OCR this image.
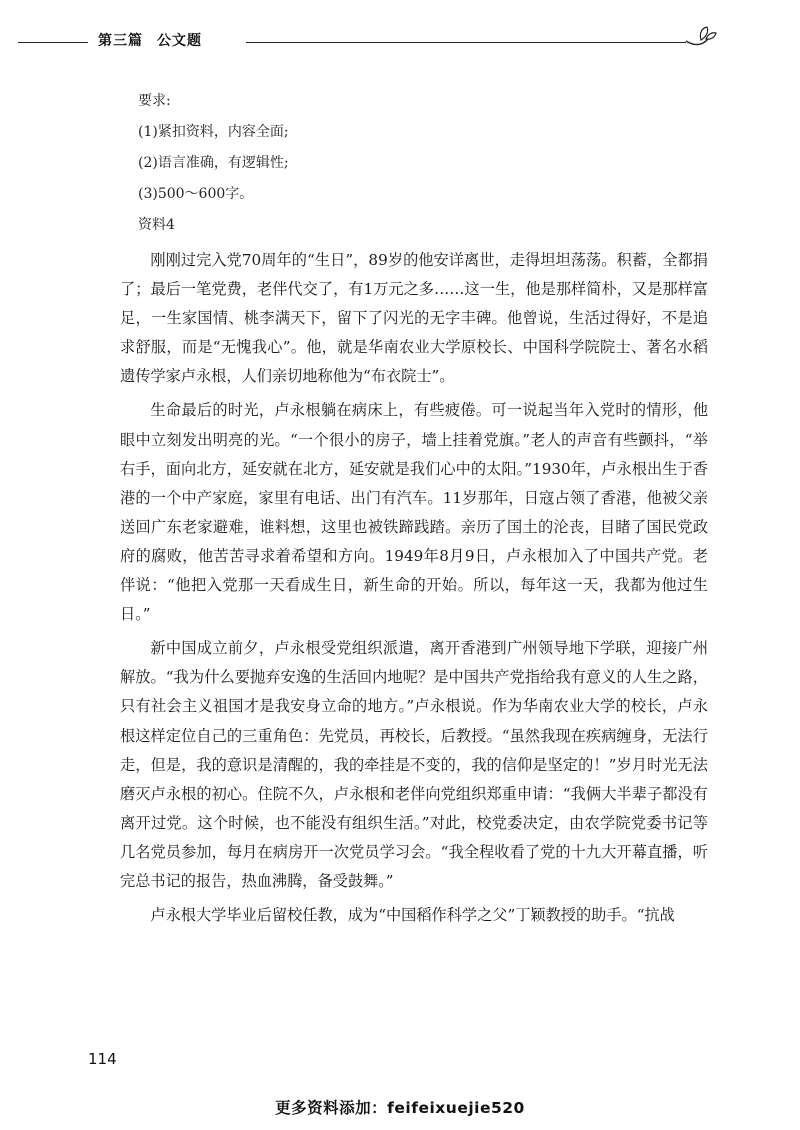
第三篇 公文题
要求:
(1)紧扣资料，内容全面;
(2)语言准确，有逻辑性;
(3)500～600字。
资料4

刚刚过完入党70周年的“生日”，89岁的他安详离世，走得坦坦荡荡。积蓄，全都捐了；最后一笔党费，老伴代交了，有1万元之多……这一生，他是那样简朴，又是那样富足，一生家国情、桃李满天下，留下了闪光的无字丰碑。他曾说，生活过得好，不是追求舒服，而是“无愧我心”。他，就是华南农业大学原校长、中国科学院院士、著名水稻遗传学家卢永根，人们亲切地称他为“布衣院士”。

生命最后的时光，卢永根躺在病床上，有些疲倦。可一说起当年入党时的情形，他眼中立刻发出明亮的光。“一个很小的房子，墙上挂着党旗。”老人的声音有些颤抖，“举右手，面向北方，延安就在北方，延安就是我们心中的太阳。”1930年，卢永根出生于香港的一个中产家庭，家里有电话、出门有汽车。11岁那年，日寇占领了香港，他被父亲送回广东老家避难，谁料想，这里也被铁蹄践踏。亲历了国土的沦丧，目睹了国民党政府的腐败，他苦苦寻求着希望和方向。1949年8月9日，卢永根加入了中国共产党。老伴说：“他把入党那一天看成生日，新生命的开始。所以，每年这一天，我都为他过生日。”

新中国成立前夕，卢永根受党组织派遣，离开香港到广州领导地下学联，迎接广州解放。“我为什么要抛弃安逸的生活回内地呢？是中国共产党指给我有意义的人生之路，只有社会主义祖国才是我安身立命的地方。”卢永根说。作为华南农业大学的校长，卢永根这样定位自己的三重角色：先党员，再校长，后教授。“虽然我现在疾病缠身，无法行走，但是，我的意识是清醒的，我的牵挂是不变的，我的信仰是坚定的！”岁月时光无法磨灭卢永根的初心。住院不久，卢永根和老伴向党组织郑重申请：“我俩大半辈子都没有离开过党。这个时候，也不能没有组织生活。”对此，校党委决定，由农学院党委书记等几名党员参加，每月在病房开一次党员学习会。“我全程收看了党的十九大开幕直播，听完总书记的报告，热血沸腾，备受鼓舞。”

卢永根大学毕业后留校任教，成为“中国稻作科学之父”丁颖教授的助手。“抗战

114
更多资料添加：feifeixuejie520
